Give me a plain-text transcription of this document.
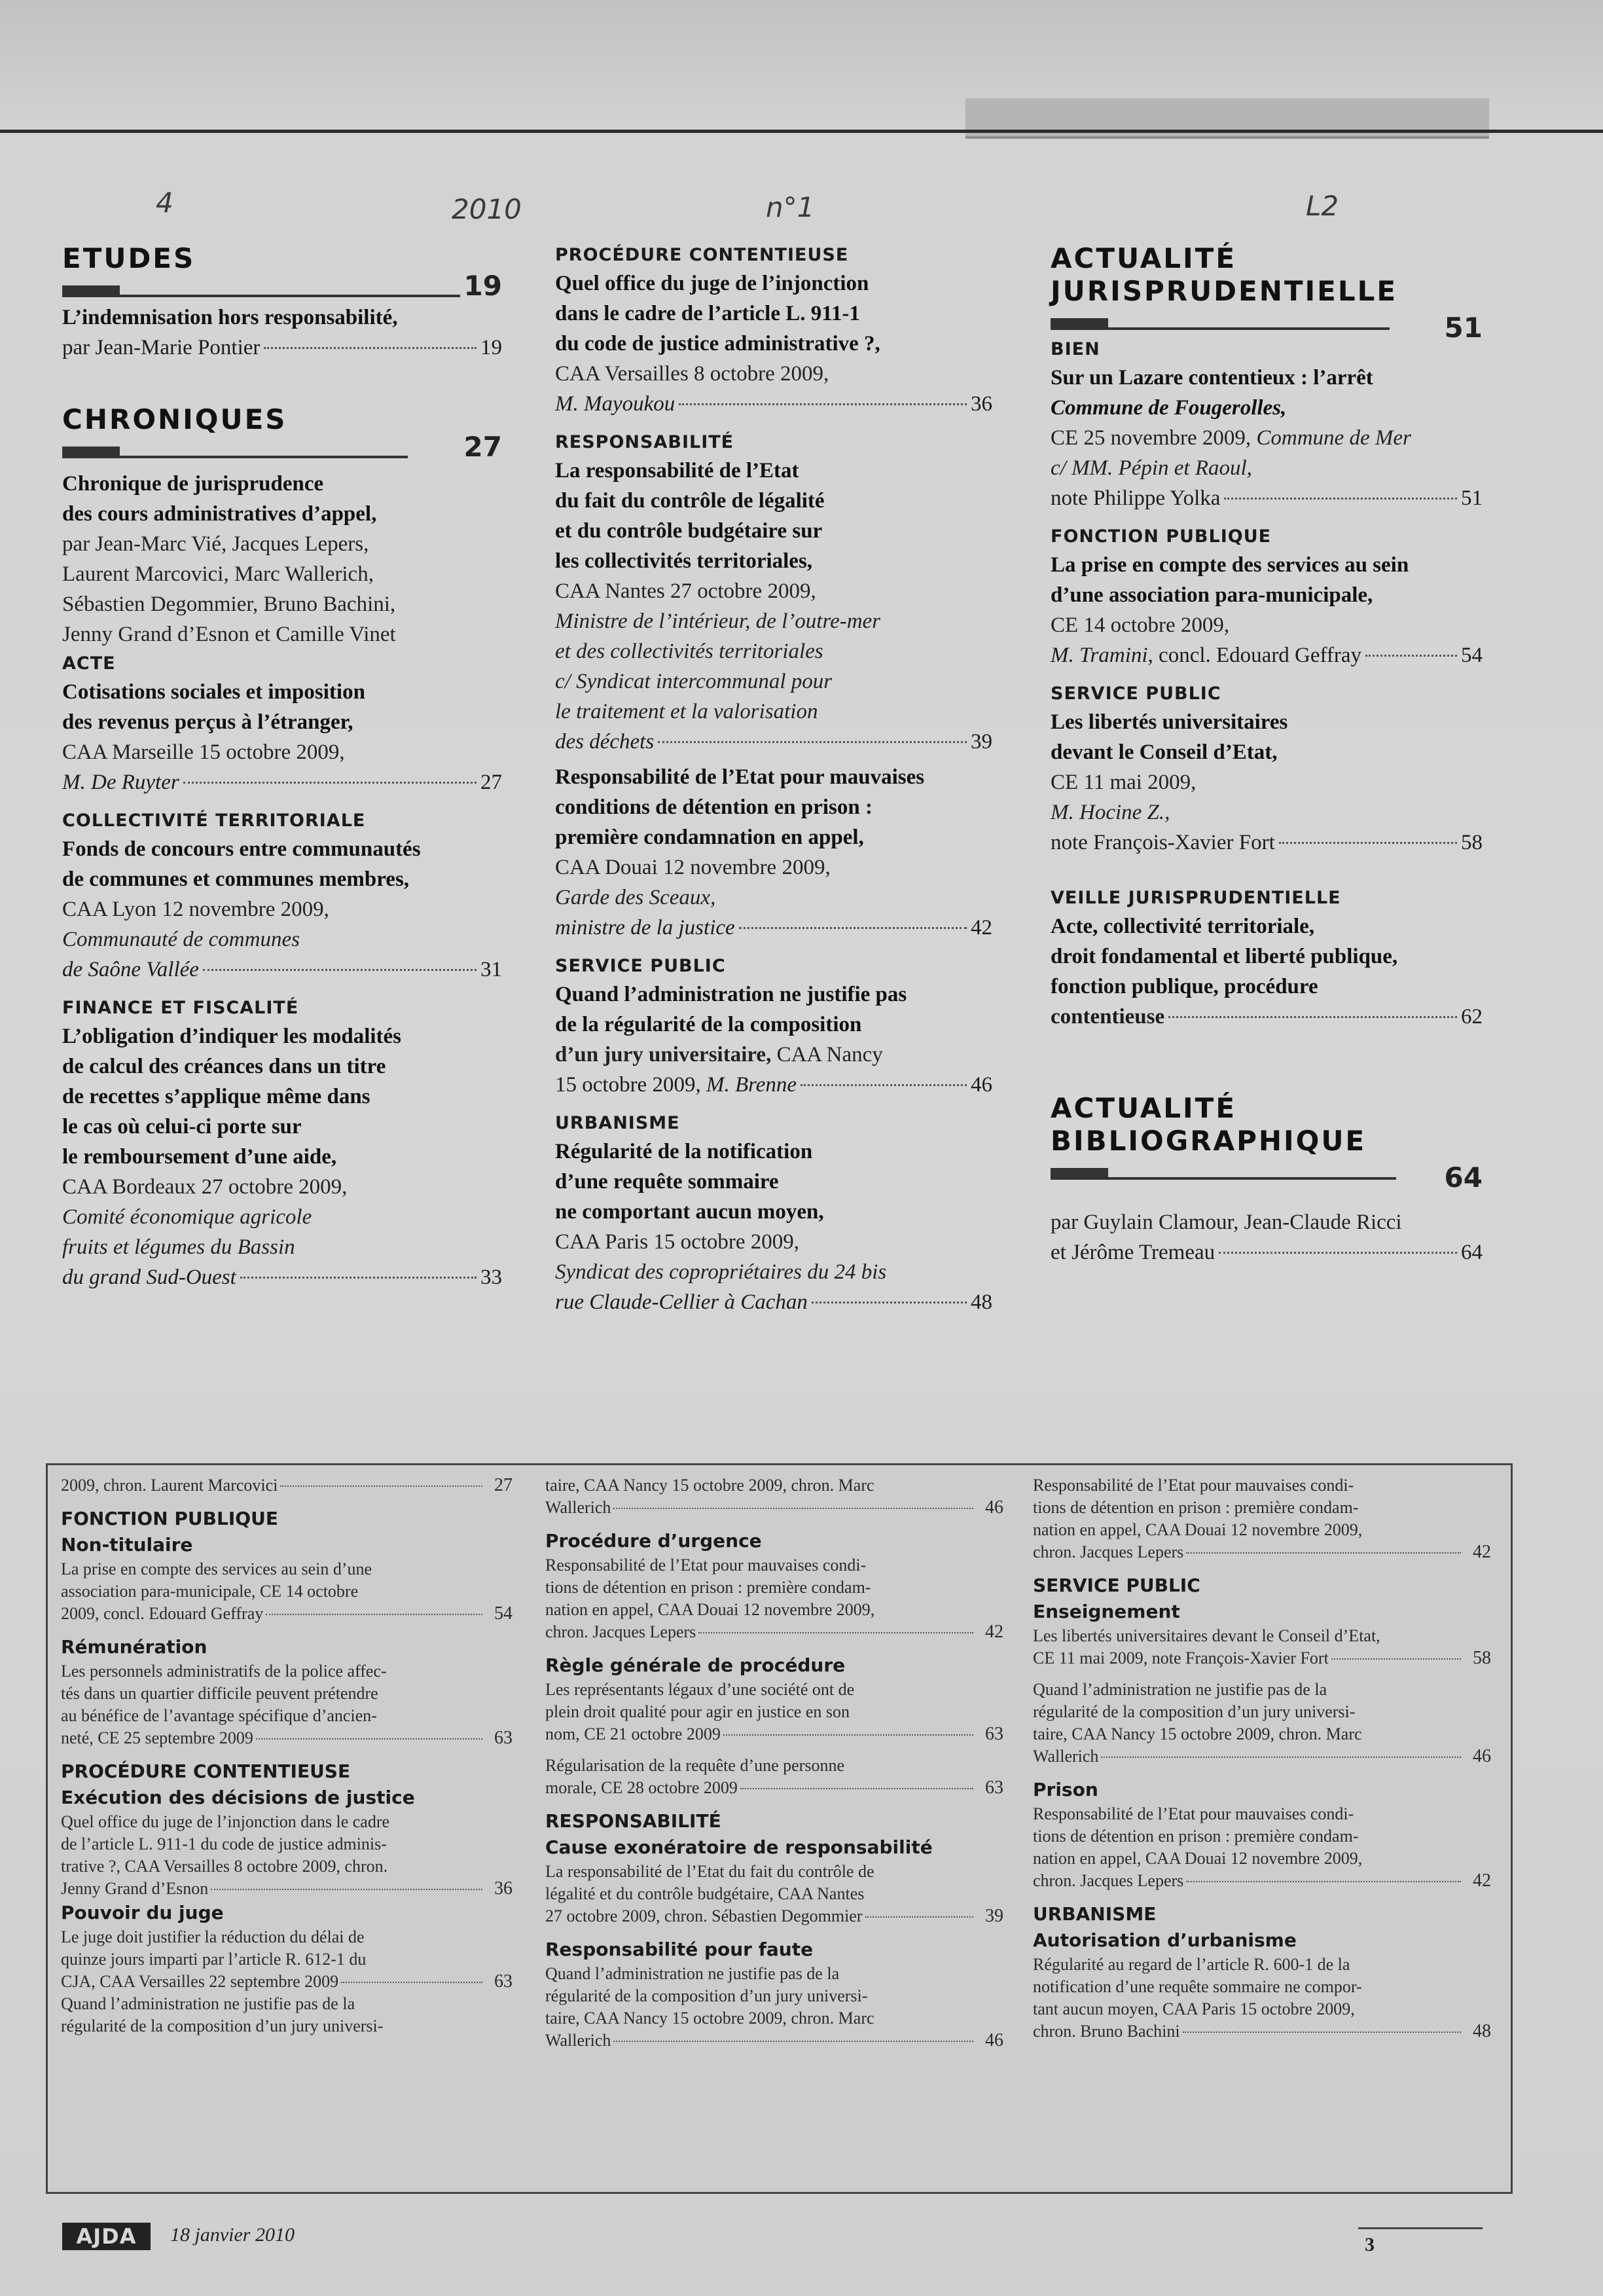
4	2010	n°1	L2
ETUDES
19
L’indemnisation hors responsabilité,
par Jean-Marie Pontier	19
CHRONIQUES
27
Chronique de jurisprudence
des cours administratives d’appel,
par Jean-Marc Vié, Jacques Lepers,
Laurent Marcovici, Marc Wallerich,
Sébastien Degommier, Bruno Bachini,
Jenny Grand d’Esnon et Camille Vinet
ACTE
Cotisations sociales et imposition
des revenus perçus à l’étranger,
CAA Marseille 15 octobre 2009,
M. De Ruyter	27
COLLECTIVITÉ TERRITORIALE
Fonds de concours entre communautés
de communes et communes membres,
CAA Lyon 12 novembre 2009,
Communauté de communes
de Saône Vallée	31
FINANCE ET FISCALITÉ
L’obligation d’indiquer les modalités
de calcul des créances dans un titre
de recettes s’applique même dans
le cas où celui-ci porte sur
le remboursement d’une aide,
CAA Bordeaux 27 octobre 2009,
Comité économique agricole
fruits et légumes du Bassin
du grand Sud-Ouest	33
PROCÉDURE CONTENTIEUSE
Quel office du juge de l’injonction
dans le cadre de l’article L. 911-1
du code de justice administrative ?,
CAA Versailles 8 octobre 2009,
M. Mayoukou	36
RESPONSABILITÉ
La responsabilité de l’Etat
du fait du contrôle de légalité
et du contrôle budgétaire sur
les collectivités territoriales,
CAA Nantes 27 octobre 2009,
Ministre de l’intérieur, de l’outre-mer
et des collectivités territoriales
c/ Syndicat intercommunal pour
le traitement et la valorisation
des déchets	39
Responsabilité de l’Etat pour mauvaises
conditions de détention en prison :
première condamnation en appel,
CAA Douai 12 novembre 2009,
Garde des Sceaux,
ministre de la justice	42
SERVICE PUBLIC
Quand l’administration ne justifie pas
de la régularité de la composition
d’un jury universitaire, CAA Nancy
15 octobre 2009, M. Brenne	46
URBANISME
Régularité de la notification
d’une requête sommaire
ne comportant aucun moyen,
CAA Paris 15 octobre 2009,
Syndicat des copropriétaires du 24 bis
rue Claude-Cellier à Cachan	48
ACTUALITÉ
JURISPRUDENTIELLE
51
BIEN
Sur un Lazare contentieux : l’arrêt
Commune de Fougerolles,
CE 25 novembre 2009, Commune de Mer
c/ MM. Pépin et Raoul,
note Philippe Yolka	51
FONCTION PUBLIQUE
La prise en compte des services au sein
d’une association para-municipale,
CE 14 octobre 2009,
M. Tramini, concl. Edouard Geffray	54
SERVICE PUBLIC
Les libertés universitaires
devant le Conseil d’Etat,
CE 11 mai 2009,
M. Hocine Z.,
note François-Xavier Fort	58
VEILLE JURISPRUDENTIELLE
Acte, collectivité territoriale,
droit fondamental et liberté publique,
fonction publique, procédure
contentieuse	62
ACTUALITÉ
BIBLIOGRAPHIQUE
64
par Guylain Clamour, Jean-Claude Ricci
et Jérôme Tremeau	64
2009, chron. Laurent Marcovici	27
FONCTION PUBLIQUE
Non-titulaire
La prise en compte des services au sein d’une
association para-municipale, CE 14 octobre
2009, concl. Edouard Geffray	54
Rémunération
Les personnels administratifs de la police affec-
tés dans un quartier difficile peuvent prétendre
au bénéfice de l’avantage spécifique d’ancien-
neté, CE 25 septembre 2009	63
PROCÉDURE CONTENTIEUSE
Exécution des décisions de justice
Quel office du juge de l’injonction dans le cadre
de l’article L. 911-1 du code de justice adminis-
trative ?, CAA Versailles 8 octobre 2009, chron.
Jenny Grand d’Esnon	36
Pouvoir du juge
Le juge doit justifier la réduction du délai de
quinze jours imparti par l’article R. 612-1 du
CJA, CAA Versailles 22 septembre 2009	63
Quand l’administration ne justifie pas de la
régularité de la composition d’un jury universi-
taire, CAA Nancy 15 octobre 2009, chron. Marc
Wallerich	46
Procédure d’urgence
Responsabilité de l’Etat pour mauvaises condi-
tions de détention en prison : première condam-
nation en appel, CAA Douai 12 novembre 2009,
chron. Jacques Lepers	42
Règle générale de procédure
Les représentants légaux d’une société ont de
plein droit qualité pour agir en justice en son
nom, CE 21 octobre 2009	63
Régularisation de la requête d’une personne
morale, CE 28 octobre 2009	63
RESPONSABILITÉ
Cause exonératoire de responsabilité
La responsabilité de l’Etat du fait du contrôle de
légalité et du contrôle budgétaire, CAA Nantes
27 octobre 2009, chron. Sébastien Degommier	39
Responsabilité pour faute
Quand l’administration ne justifie pas de la
régularité de la composition d’un jury universi-
taire, CAA Nancy 15 octobre 2009, chron. Marc
Wallerich	46
Responsabilité de l’Etat pour mauvaises condi-
tions de détention en prison : première condam-
nation en appel, CAA Douai 12 novembre 2009,
chron. Jacques Lepers	42
SERVICE PUBLIC
Enseignement
Les libertés universitaires devant le Conseil d’Etat,
CE 11 mai 2009, note François-Xavier Fort	58
Quand l’administration ne justifie pas de la
régularité de la composition d’un jury universi-
taire, CAA Nancy 15 octobre 2009, chron. Marc
Wallerich	46
Prison
Responsabilité de l’Etat pour mauvaises condi-
tions de détention en prison : première condam-
nation en appel, CAA Douai 12 novembre 2009,
chron. Jacques Lepers	42
URBANISME
Autorisation d’urbanisme
Régularité au regard de l’article R. 600-1 de la
notification d’une requête sommaire ne compor-
tant aucun moyen, CAA Paris 15 octobre 2009,
chron. Bruno Bachini	48
AJDA	18 janvier 2010	3
